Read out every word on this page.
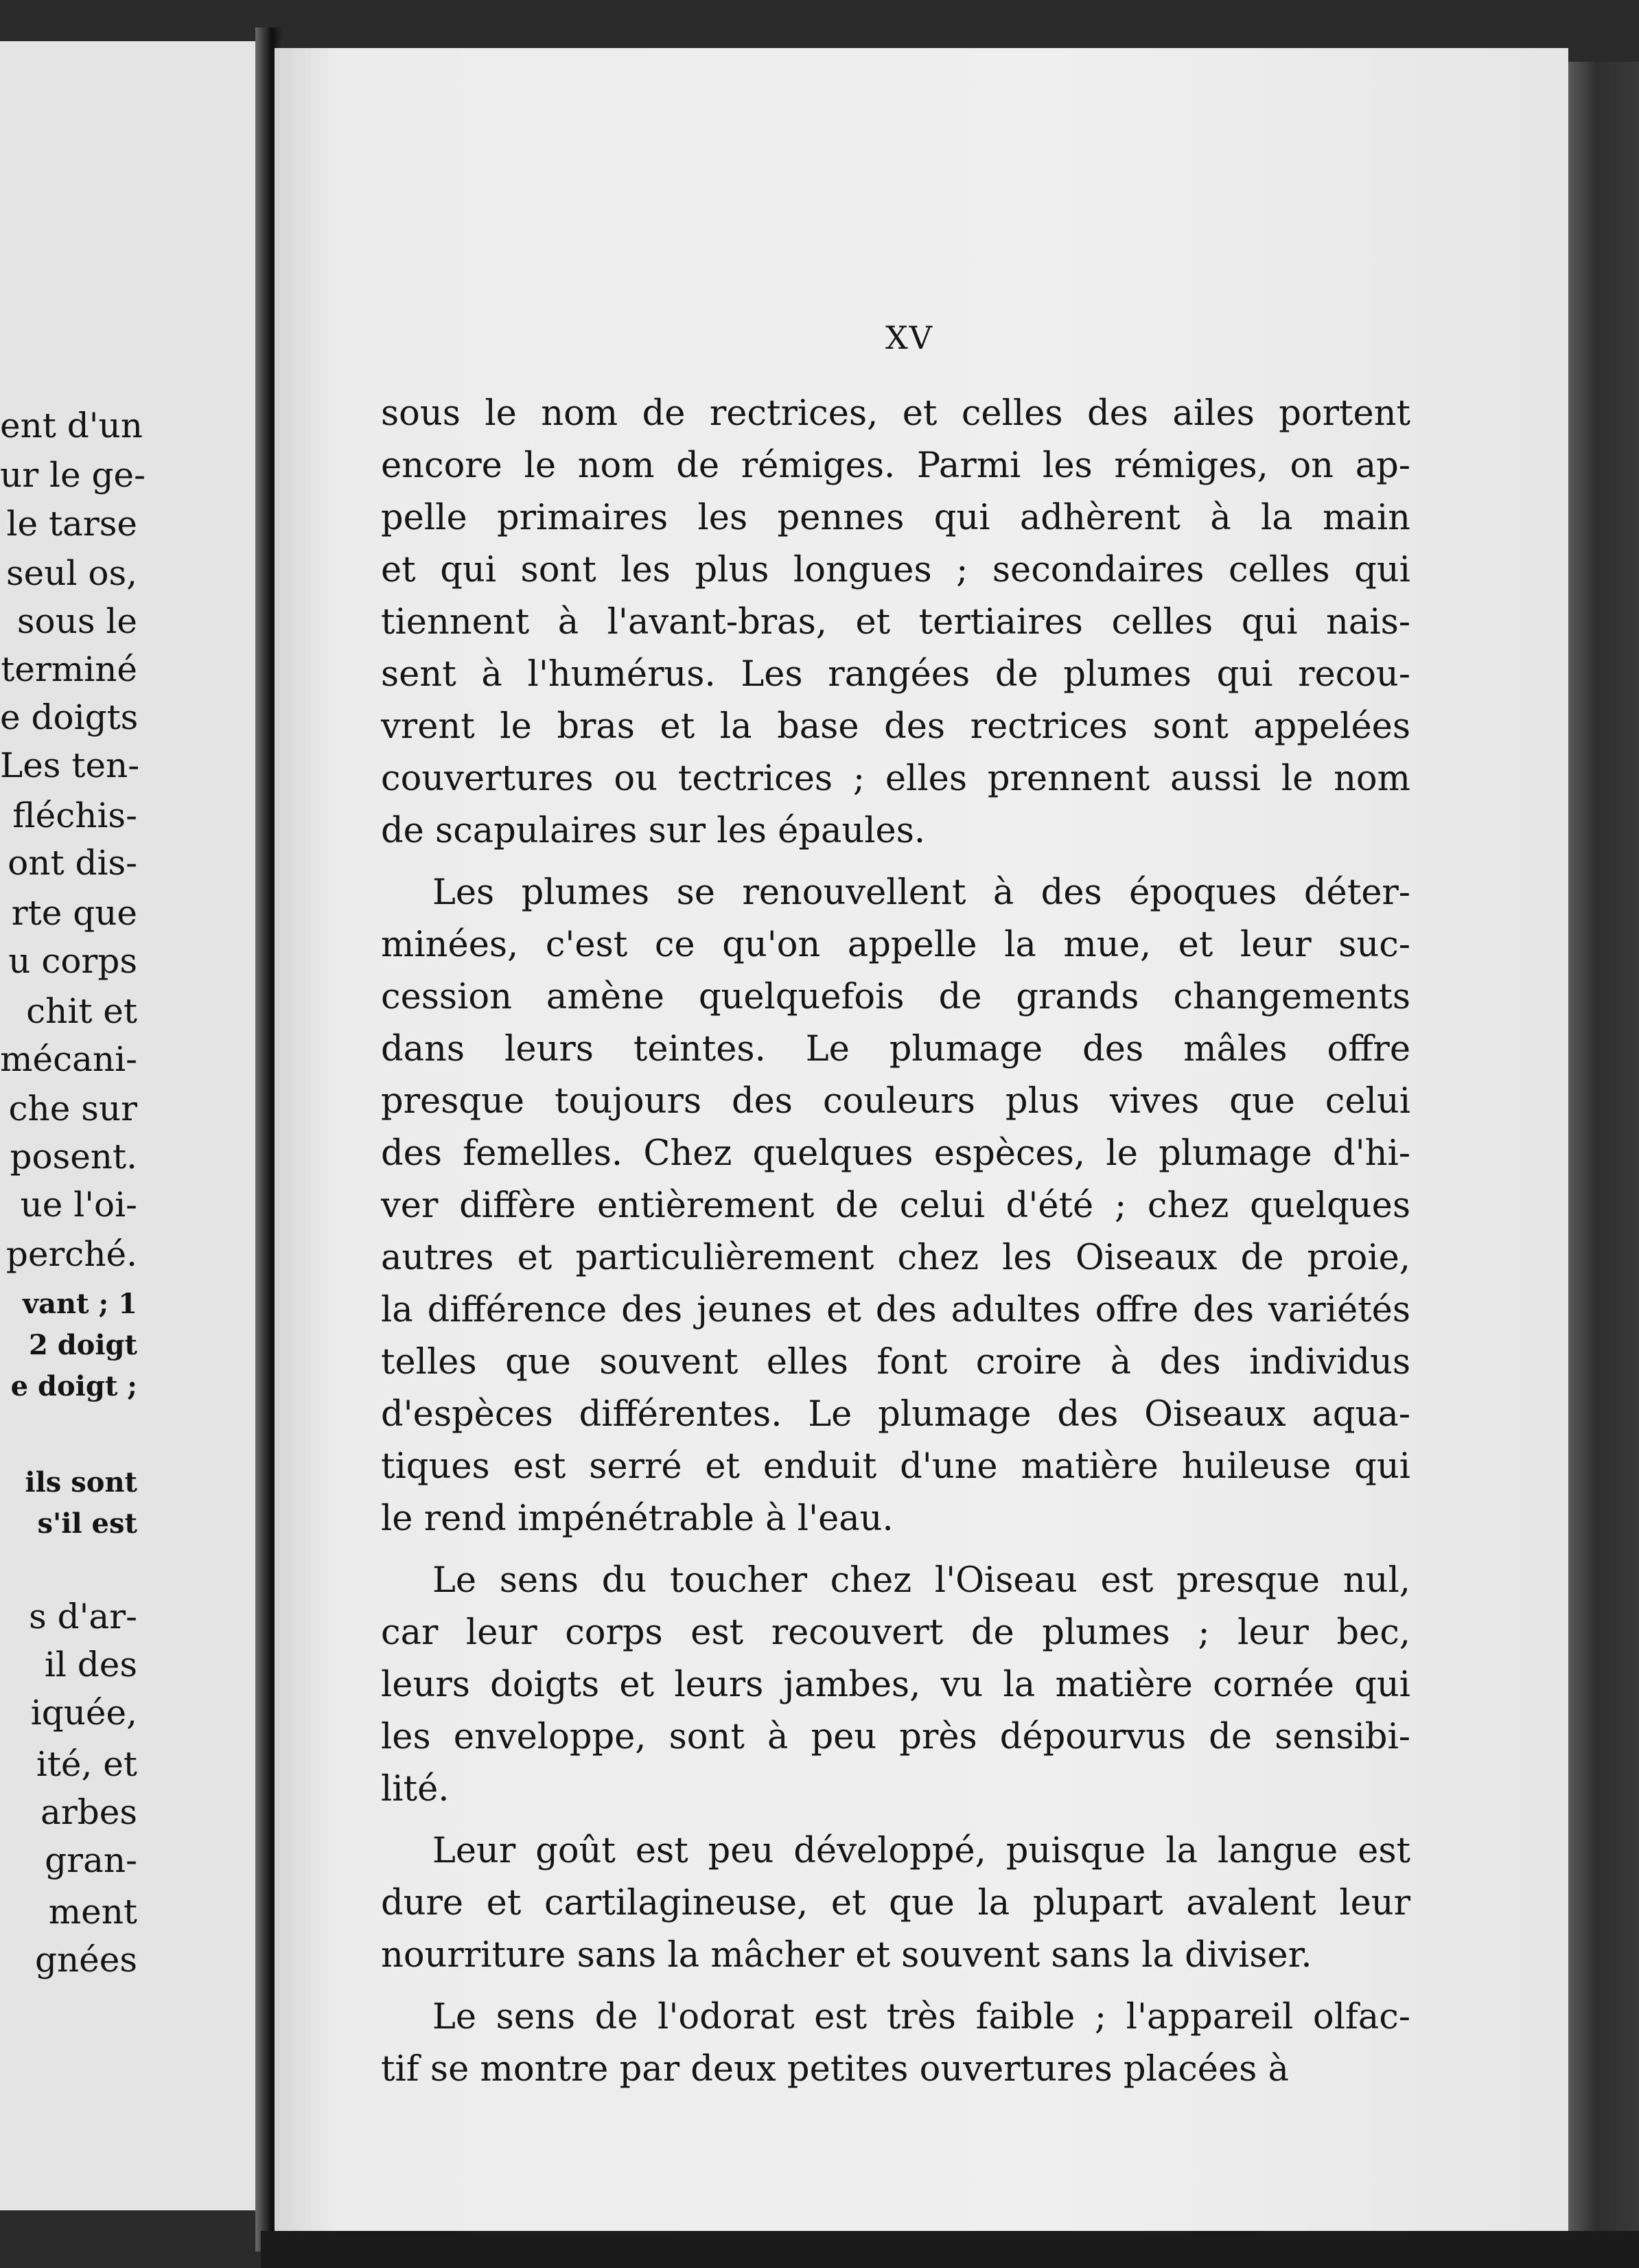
ent d'un
ur le ge-
le tarse
seul os,
sous le
terminé
e doigts
Les ten-
fléchis-
ont dis-
rte que
u corps
chit et
mécani-
che sur
posent.
ue l'oi-
perché.
vant ; 1
2 doigt
e doigt ;
ils sont
s'il est
s d'ar-
il des
iquée,
ité, et
arbes
gran-
ment
gnées
XV
sous le nom de rectrices, et celles des ailes portent
encore le nom de rémiges. Parmi les rémiges, on ap-
pelle primaires les pennes qui adhèrent à la main
et qui sont les plus longues ; secondaires celles qui
tiennent à l'avant-bras, et tertiaires celles qui nais-
sent à l'humérus. Les rangées de plumes qui recou-
vrent le bras et la base des rectrices sont appelées
couvertures ou tectrices ; elles prennent aussi le nom
de scapulaires sur les épaules.
Les plumes se renouvellent à des époques déter-
minées, c'est ce qu'on appelle la mue, et leur suc-
cession amène quelquefois de grands changements
dans leurs teintes. Le plumage des mâles offre
presque toujours des couleurs plus vives que celui
des femelles. Chez quelques espèces, le plumage d'hi-
ver diffère entièrement de celui d'été ; chez quelques
autres et particulièrement chez les Oiseaux de proie,
la différence des jeunes et des adultes offre des variétés
telles que souvent elles font croire à des individus
d'espèces différentes. Le plumage des Oiseaux aqua-
tiques est serré et enduit d'une matière huileuse qui
le rend impénétrable à l'eau.
Le sens du toucher chez l'Oiseau est presque nul,
car leur corps est recouvert de plumes ; leur bec,
leurs doigts et leurs jambes, vu la matière cornée qui
les enveloppe, sont à peu près dépourvus de sensibi-
lité.
Leur goût est peu développé, puisque la langue est
dure et cartilagineuse, et que la plupart avalent leur
nourriture sans la mâcher et souvent sans la diviser.
Le sens de l'odorat est très faible ; l'appareil olfac-
tif se montre par deux petites ouvertures placées à
